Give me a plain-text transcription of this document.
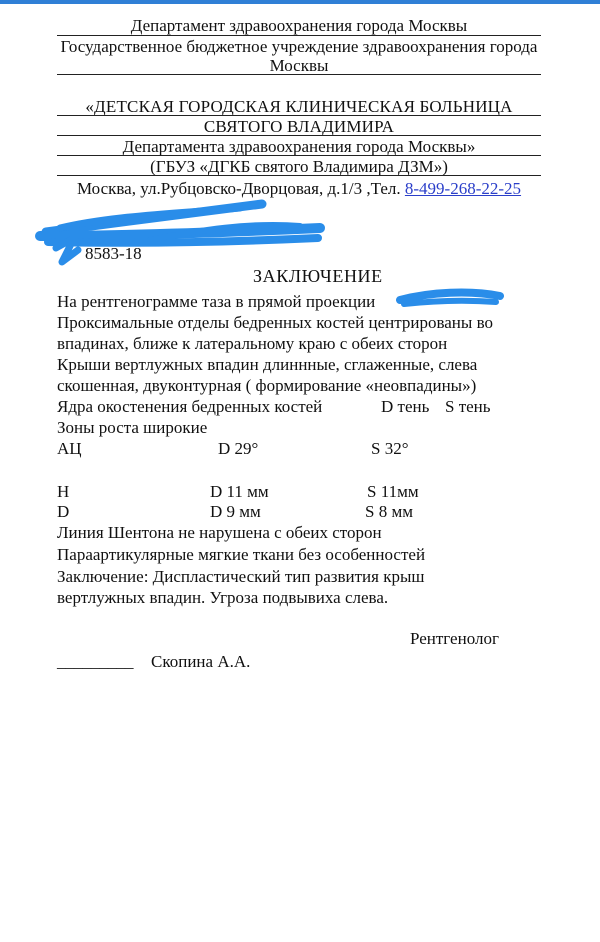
Департамент здравоохранения города Москвы
Государственное бюджетное учреждение здравоохранения города
Москвы
«ДЕТСКАЯ ГОРОДСКАЯ КЛИНИЧЕСКАЯ БОЛЬНИЦА
СВЯТОГО ВЛАДИМИРА
Департамента здравоохранения города Москвы»
(ГБУЗ «ДГКБ святого Владимира ДЗМ»)
Москва, ул.Рубцовско-Дворцовая, д.1/3 ,Тел. 8-499-268-22-25
8583-18
ЗАКЛЮЧЕНИЕ
На рентгенограмме таза в прямой проекции
Проксимальные отделы бедренных костей центрированы во
впадинах, ближе к латеральному краю с обеих сторон
Крыши вертлужных впадин длиннные, сглаженные, слева
скошенная, двуконтурная ( формирование «неовпадины»)
Ядра окостенения бедренных костей	D тень S тень
Зоны роста широкие
АЦ	D 29°	S 32°
Н	D 11 мм	S 11мм
D	D 9 мм	S 8 мм
Линия Шентона не нарушена с обеих сторон
Параартикулярные мягкие ткани без особенностей
Заключение: Диспластический тип развития крыш
вертлужных впадин. Угроза подвывиха слева.
Рентгенолог
_________ Скопина А.А.
